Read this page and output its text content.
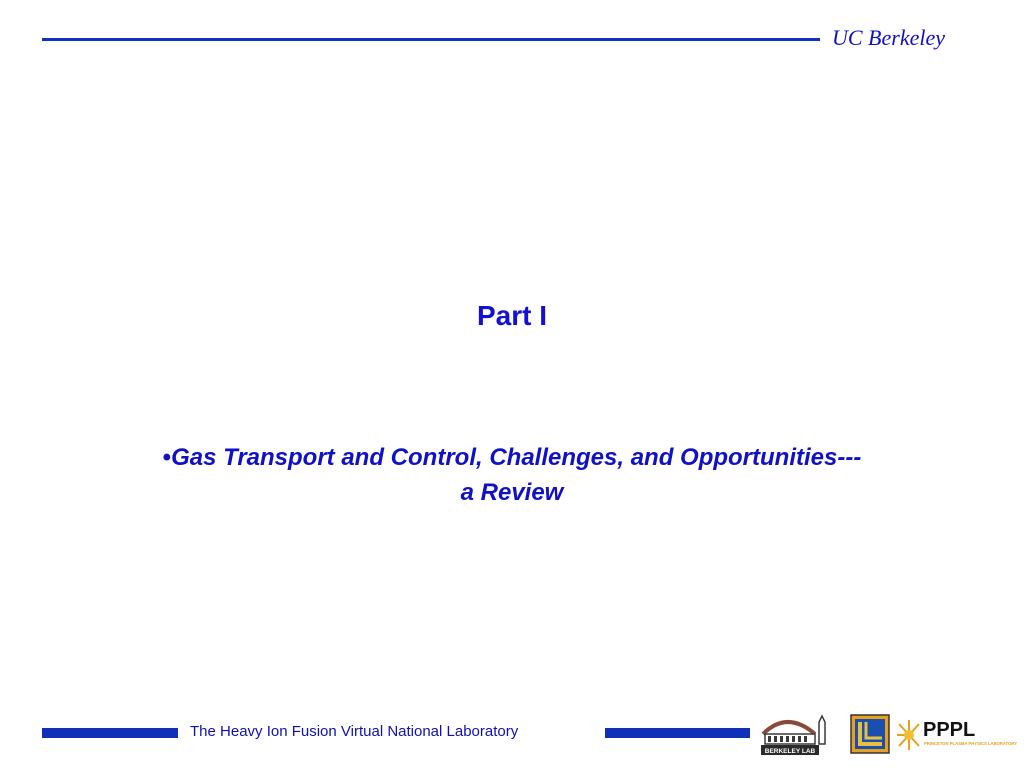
UC Berkeley
Part I
•Gas Transport and Control, Challenges, and Opportunities---a Review
The Heavy Ion Fusion Virtual National Laboratory
BERKELEY LAB
PPPL
PRINCETON PLASMA PHYSICS LABORATORY
